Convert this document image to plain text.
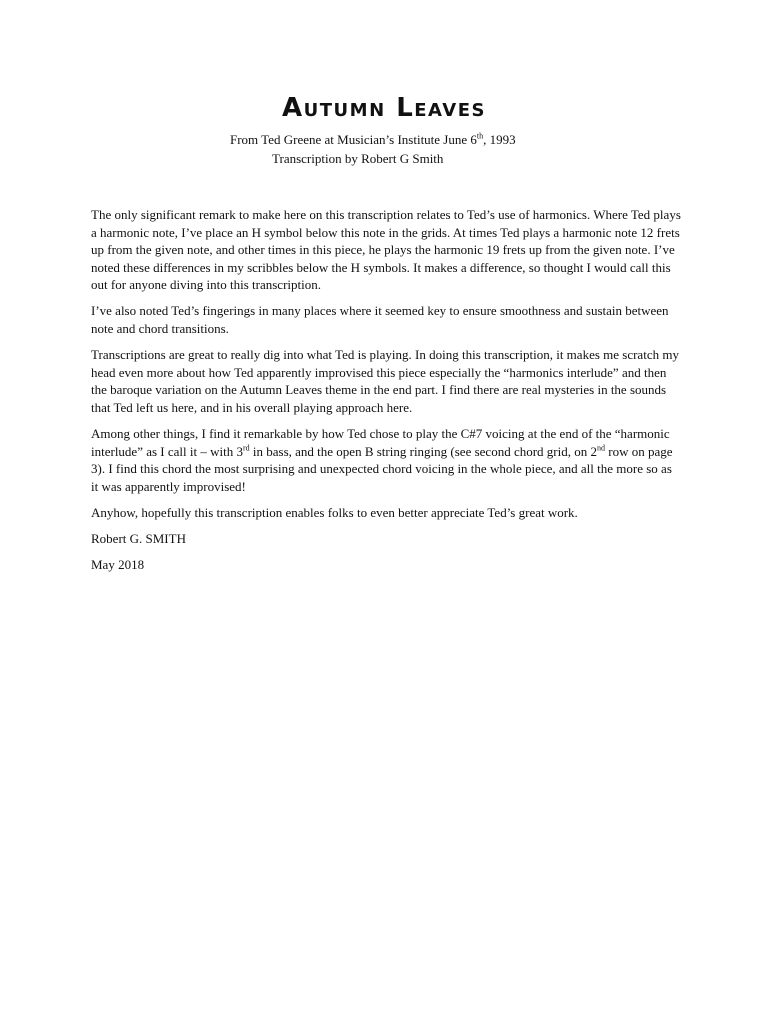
Autumn Leaves
From Ted Greene at Musician’s Institute June 6th, 1993
Transcription by Robert G Smith

The only significant remark to make here on this transcription relates to Ted’s use of harmonics. Where Ted plays a harmonic note, I’ve place an H symbol below this note in the grids. At times Ted plays a harmonic note 12 frets up from the given note, and other times in this piece, he plays the harmonic 19 frets up from the given note. I’ve noted these differences in my scribbles below the H symbols. It makes a difference, so thought I would call this out for anyone diving into this transcription.

I’ve also noted Ted’s fingerings in many places where it seemed key to ensure smoothness and sustain between note and chord transitions.

Transcriptions are great to really dig into what Ted is playing. In doing this transcription, it makes me scratch my head even more about how Ted apparently improvised this piece especially the “harmonics interlude” and then the baroque variation on the Autumn Leaves theme in the end part. I find there are real mysteries in the sounds that Ted left us here, and in his overall playing approach here.

Among other things, I find it remarkable by how Ted chose to play the C#7 voicing at the end of the “harmonic interlude” as I call it – with 3rd in bass, and the open B string ringing (see second chord grid, on 2nd row on page 3). I find this chord the most surprising and unexpected chord voicing in the whole piece, and all the more so as it was apparently improvised!

Anyhow, hopefully this transcription enables folks to even better appreciate Ted’s great work.

Robert G. SMITH

May 2018
